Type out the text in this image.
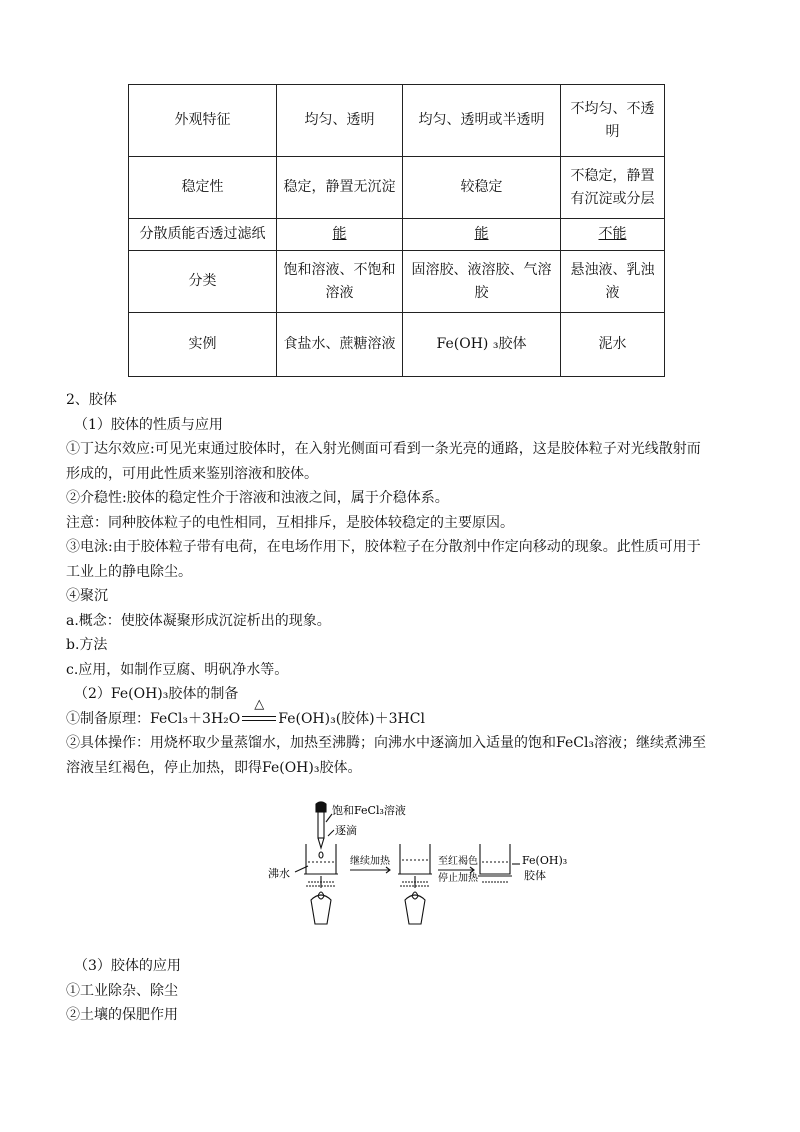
外观特征	均匀、透明	均匀、透明或半透明	不均匀、不透明
稳定性	稳定，静置无沉淀	较稳定	不稳定，静置有沉淀或分层
分散质能否透过滤纸	能	能	不能
分类	饱和溶液、不饱和溶液	固溶胶、液溶胶、气溶胶	悬浊液、乳浊液
实例	食盐水、蔗糖溶液	Fe(OH) ₃胶体	泥水
2、胶体
（1）胶体的性质与应用
①丁达尔效应:可见光束通过胶体时，在入射光侧面可看到一条光亮的通路，这是胶体粒子对光线散射而
形成的，可用此性质来鉴别溶液和胶体。
②介稳性:胶体的稳定性介于溶液和浊液之间，属于介稳体系。
注意：同种胶体粒子的电性相同，互相排斥，是胶体较稳定的主要原因。
③电泳:由于胶体粒子带有电荷，在电场作用下，胶体粒子在分散剂中作定向移动的现象。此性质可用于
工业上的静电除尘。
④聚沉
a.概念：使胶体凝聚形成沉淀析出的现象。
b.方法
c.应用，如制作豆腐、明矾净水等。
（2）Fe(OH)₃胶体的制备
①制备原理：FeCl₃＋3H₂O
△
Fe(OH)₃(胶体)＋3HCl
②具体操作：用烧杯取少量蒸馏水，加热至沸腾；向沸水中逐滴加入适量的饱和FeCl₃溶液；继续煮沸至
溶液呈红褐色，停止加热，即得Fe(OH)₃胶体。
饱和FeCl₃溶液
逐滴
沸水
继续加热	至红褐色
停止加热
Fe(OH)₃
胶体
（3）胶体的应用
①工业除杂、除尘
②土壤的保肥作用
